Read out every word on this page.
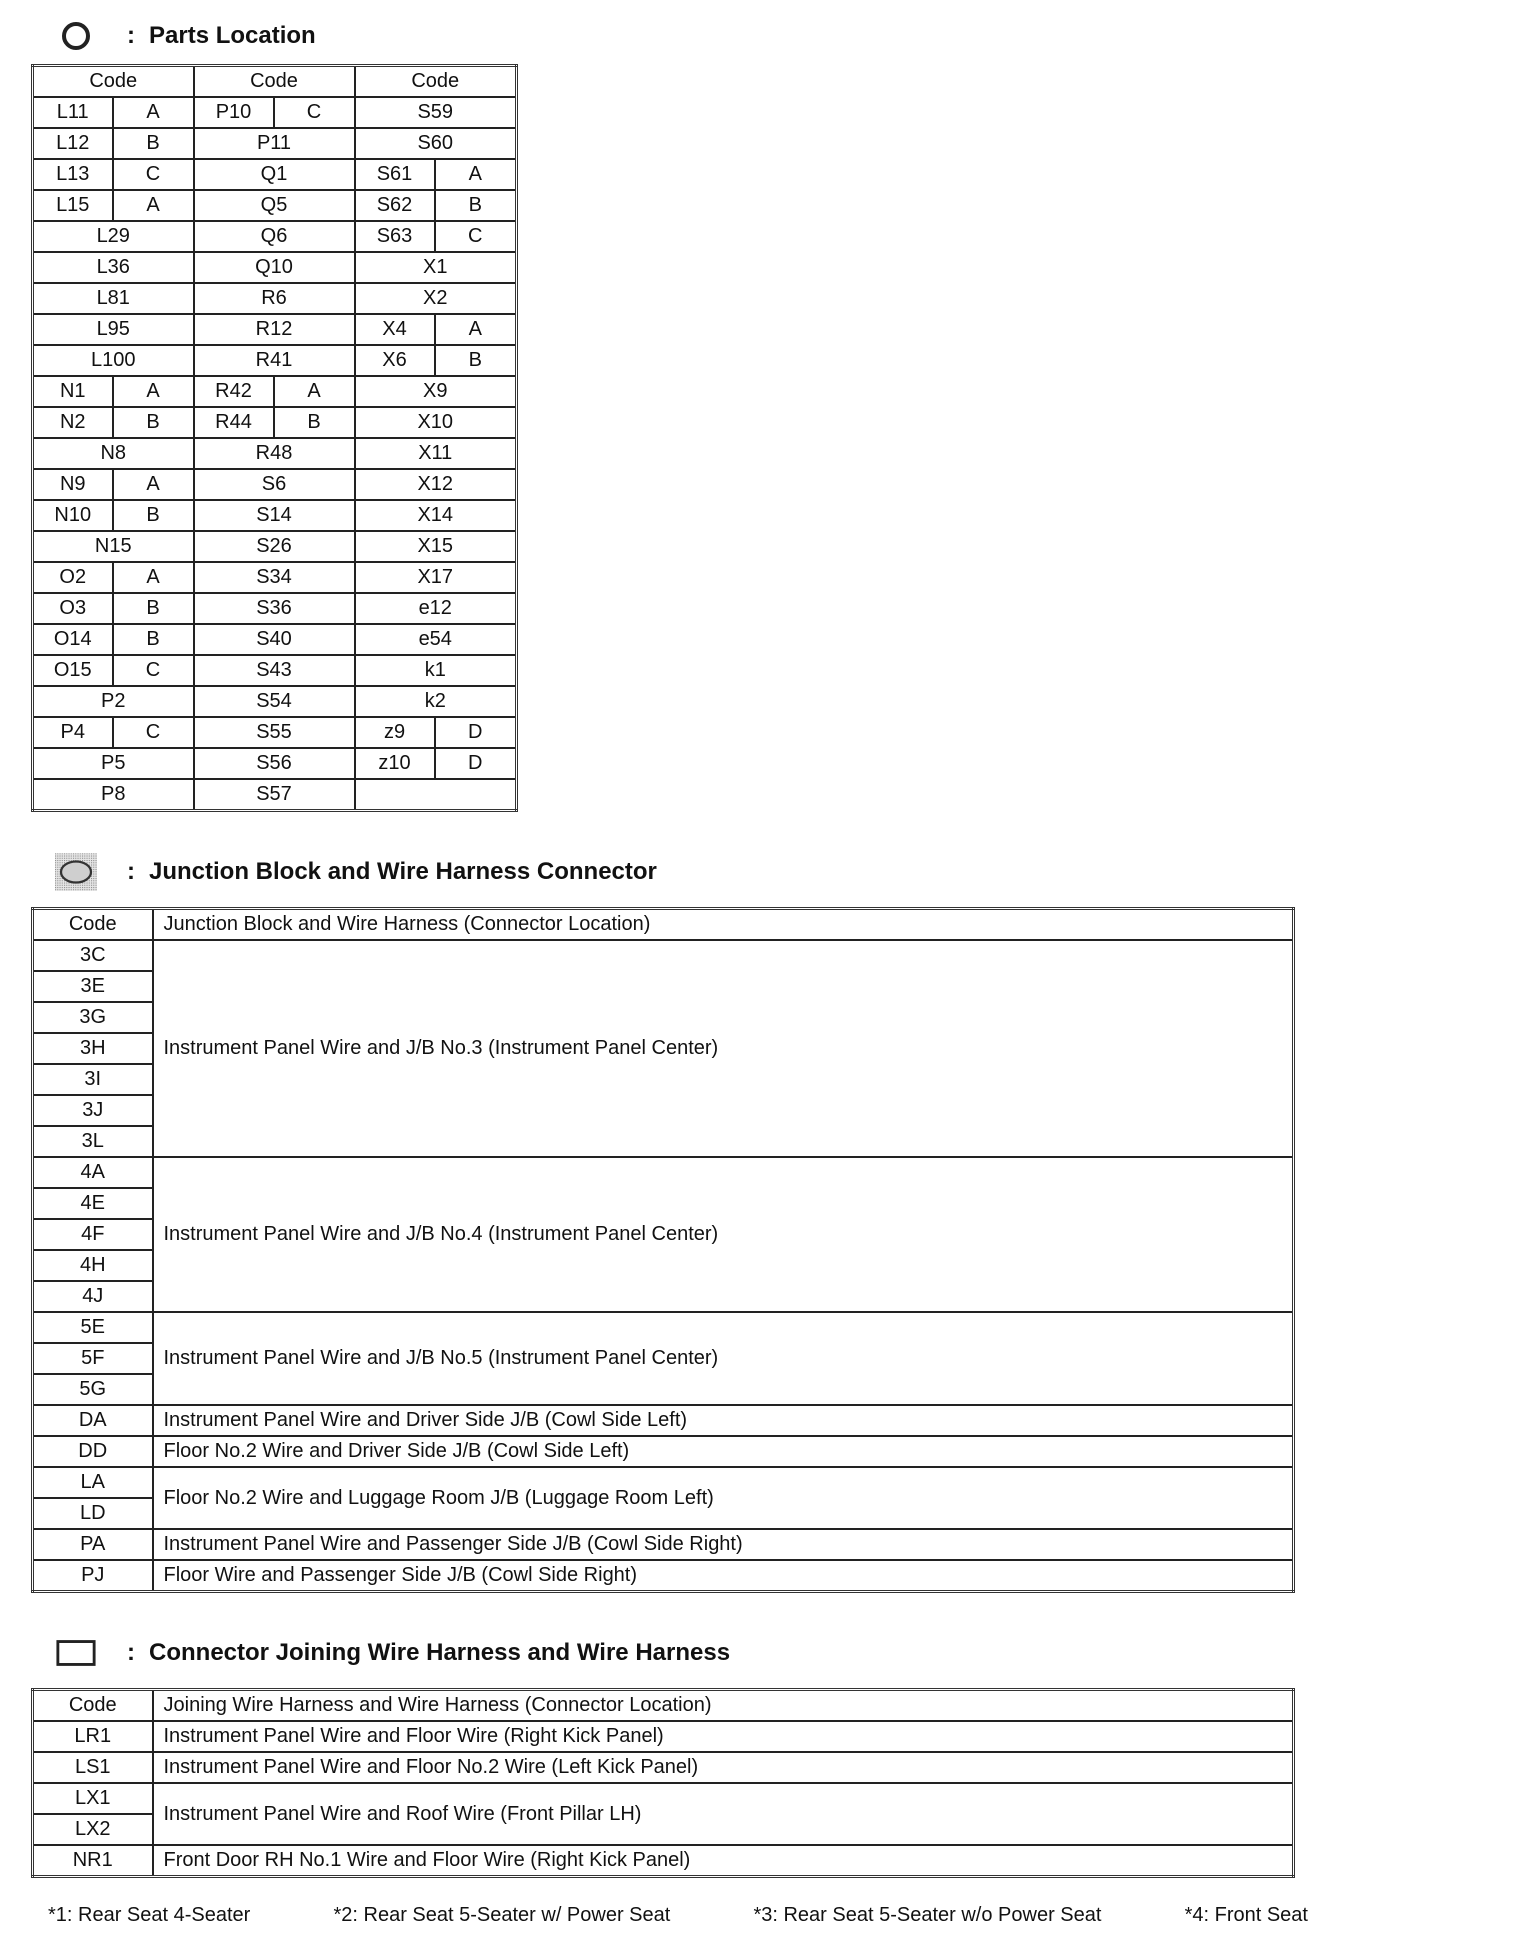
: Parts Location
Code		Code		Code	
L11	A	P10	C	S59	
L12	B	P11		S60	
L13	C	Q1		S61	A
L15	A	Q5		S62	B
L29		Q6		S63	C
L36		Q10		X1	
L81		R6		X2	
L95		R12		X4	A
L100		R41		X6	B
N1	A	R42	A	X9	
N2	B	R44	B	X10	
N8		R48		X11	
N9	A	S6		X12	
N10	B	S14		X14	
N15		S26		X15	
O2	A	S34		X17	
O3	B	S36		e12	
O14	B	S40		e54	
O15	C	S43		k1	
P2		S54		k2	
P4	C	S55		z9	D
P5		S56		z10	D
P8		S57			
: Junction Block and Wire Harness Connector
Code	Junction Block and Wire Harness (Connector Location)
3C	Instrument Panel Wire and J/B No.3 (Instrument Panel Center)
3E	
3G	
3H	
3I	
3J	
3L	
4A	Instrument Panel Wire and J/B No.4 (Instrument Panel Center)
4E	
4F	
4H	
4J	
5E	Instrument Panel Wire and J/B No.5 (Instrument Panel Center)
5F	
5G	
DA	Instrument Panel Wire and Driver Side J/B (Cowl Side Left)
DD	Floor No.2 Wire and Driver Side J/B (Cowl Side Left)
LA	Floor No.2 Wire and Luggage Room J/B (Luggage Room Left)
LD	
PA	Instrument Panel Wire and Passenger Side J/B (Cowl Side Right)
PJ	Floor Wire and Passenger Side J/B (Cowl Side Right)
: Connector Joining Wire Harness and Wire Harness
Code	Joining Wire Harness and Wire Harness (Connector Location)
LR1	Instrument Panel Wire and Floor Wire (Right Kick Panel)
LS1	Instrument Panel Wire and Floor No.2 Wire (Left Kick Panel)
LX1	Instrument Panel Wire and Roof Wire (Front Pillar LH)
LX2	
NR1	Front Door RH No.1 Wire and Floor Wire (Right Kick Panel)
*1: Rear Seat 4-Seater	*2: Rear Seat 5-Seater w/ Power Seat	*3: Rear Seat 5-Seater w/o Power Seat	*4: Front Seat
